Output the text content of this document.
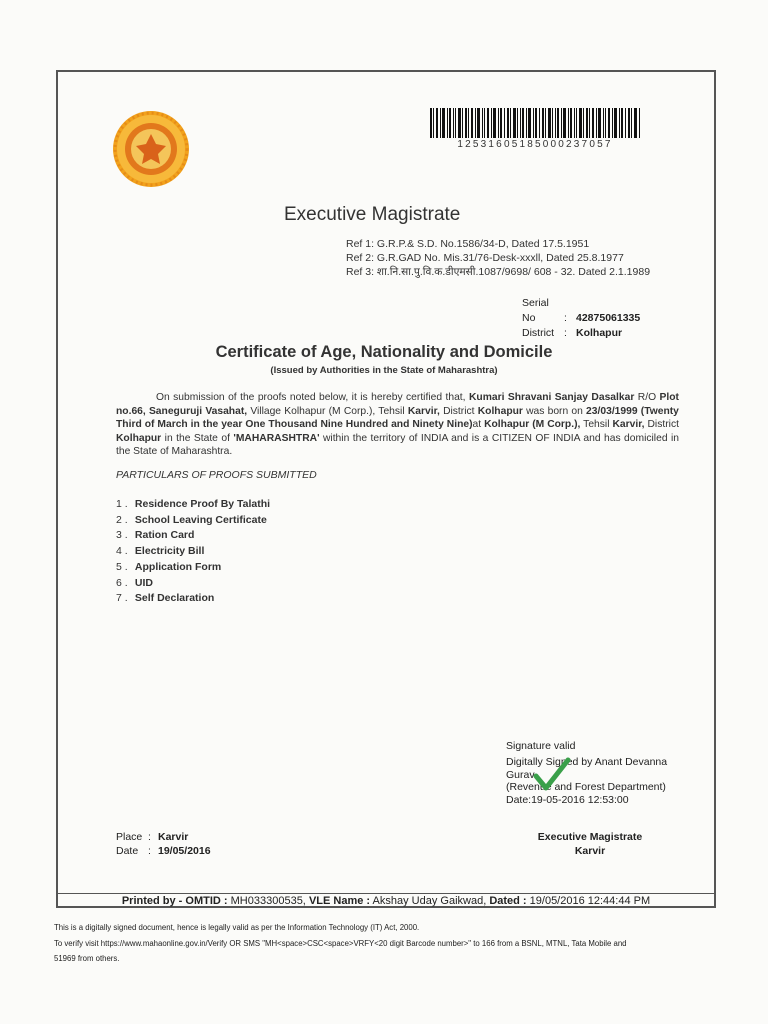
12531605185000237057
Executive Magistrate
Ref 1: G.R.P.& S.D. No.1586/34-D, Dated 17.5.1951
Ref 2: G.R.GAD No. Mis.31/76-Desk-xxxll, Dated 25.8.1977
Ref 3: शा.नि.सा.पु.वि.क.डीएमसी.1087/9698/ 608 - 32. Dated 2.1.1989
Serial No	: 42875061335
District : Kolhapur
Certificate of Age, Nationality and Domicile
(Issued by Authorities in the State of Maharashtra)
On submission of the proofs noted below, it is hereby certified that, Kumari Shravani Sanjay Dasalkar R/O Plot no.66, Saneguruji Vasahat, Village Kolhapur (M Corp.), Tehsil Karvir, District Kolhapur was born on 23/03/1999 (Twenty Third of March in the year One Thousand Nine Hundred and Ninety Nine)at Kolhapur (M Corp.), Tehsil Karvir, District Kolhapur in the State of 'MAHARASHTRA' within the territory of INDIA and is a CITIZEN OF INDIA and has domiciled in the State of Maharashtra.
PARTICULARS OF PROOFS SUBMITTED
1 . Residence Proof By Talathi
2 . School Leaving Certificate
3 . Ration Card
4 . Electricity Bill
5 . Application Form
6 . UID
7 . Self Declaration
Signature valid
Digitally Signed by Anant Devanna
Gurav
(Revenue and Forest Department)
Date:19-05-2016 12:53:00
Place : Karvir
Date : 19/05/2016
Executive Magistrate
Karvir
Printed by - OMTID : MH033300535, VLE Name : Akshay Uday Gaikwad, Dated : 19/05/2016 12:44:44 PM
This is a digitally signed document, hence is legally valid as per the Information Technology (IT) Act, 2000.
To verify visit https://www.mahaonline.gov.in/Verify OR SMS "MH<space>CSC<space>VRFY<20 digit Barcode number>" to 166 from a BSNL, MTNL, Tata Mobile and
51969 from others.
